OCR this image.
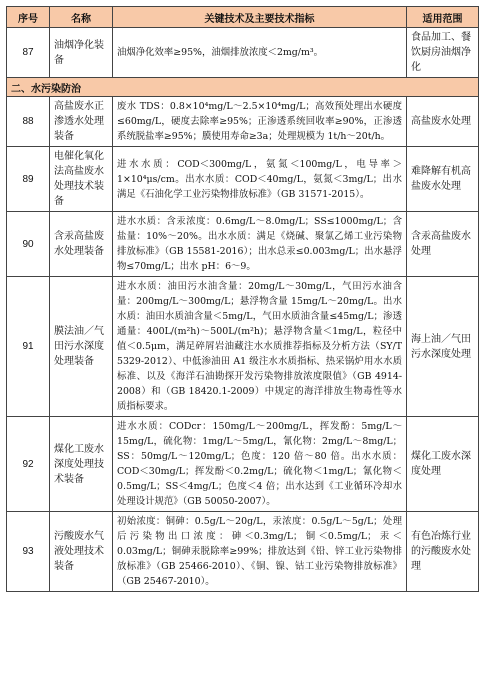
序号	名称	关键技术及主要技术指标	适用范围
87	油烟净化装备	油烟净化效率≥95%，油烟排放浓度＜2mg/m³。	食品加工、餐饮厨房油烟净化
二、水污染防治			
88	高盐废水正渗透水处理装备	废水 TDS：0.8×10⁴mg/L～2.5×10⁴mg/L；高效预处理出水硬度≤60mg/L，硬度去除率≥95%；正渗透系统回收率≥90%，正渗透系统脱盐率≥95%；膜使用寿命≥3a；处理规模为 1t/h～20t/h。	高盐废水处理
89	电催化氧化法高盐废水处理技术装备	进水水质：COD＜300mg/L，氨氮＜100mg/L，电导率＞1×10⁴μs/cm。出水水质：COD＜40mg/L，氨氮＜3mg/L；出水满足《石油化学工业污染物排放标准》（GB 31571-2015）。	难降解有机高盐废水处理
90	含汞高盐废水处理装备	进水水质：含汞浓度：0.6mg/L～8.0mg/L；SS≤1000mg/L；含盐量：10%～20%。出水水质：满足《烧碱、聚氯乙烯工业污染物排放标准》（GB 15581-2016）；出水总汞≤0.003mg/L；出水悬浮物≤70mg/L；出水 pH：6～9。	含汞高盐废水处理
91	膜法油／气田污水深度处理装备	进水水质：油田污水油含量：20mg/L～30mg/L，气田污水油含量：200mg/L～300mg/L；悬浮物含量 15mg/L～20mg/L。出水水质：油田水质油含量＜5mg/L，气田水质油含量≤45mg/L；渗透通量：400L/(m²h)～500L/(m²h)；悬浮物含量＜1mg/L，粒径中值＜0.5μm，满足碎屑岩油藏注水水质推荐指标及分析方法（SY/T 5329-2012）、中低渗油田 A1 级注水水质指标、热采锅炉用水水质标准、以及《海洋石油勘探开发污染物排放浓度限值》（GB 4914-2008）和（GB 18420.1-2009）中规定的海洋排放生物毒性等水质指标要求。	海上油／气田污水深度处理
92	煤化工废水深度处理技术装备	进水水质：CODcr：150mg/L～200mg/L，挥发酚：5mg/L～15mg/L，硫化物：1mg/L～5mg/L，氰化物：2mg/L～8mg/L；SS：50mg/L～120mg/L；色度：120 倍～80 倍。出水水质：COD＜30mg/L；挥发酚＜0.2mg/L；硫化物＜1mg/L；氰化物＜0.5mg/L；SS＜4mg/L；色度＜4 倍；出水达到《工业循环冷却水处理设计规范》（GB 50050-2007）。	煤化工废水深度处理
93	污酸废水气液处理技术装备	初始浓度：铜砷：0.5g/L～20g/L，汞浓度：0.5g/L～5g/L；处理后污染物出口浓度：砷＜0.3mg/L；铜＜0.5mg/L；汞＜0.03mg/L；铜砷汞脱除率≥99%；排放达到《铅、锌工业污染物排放标准》（GB 25466-2010）、《铜、镍、钴工业污染物排放标准》（GB 25467-2010）。	有色冶炼行业的污酸废水处理
